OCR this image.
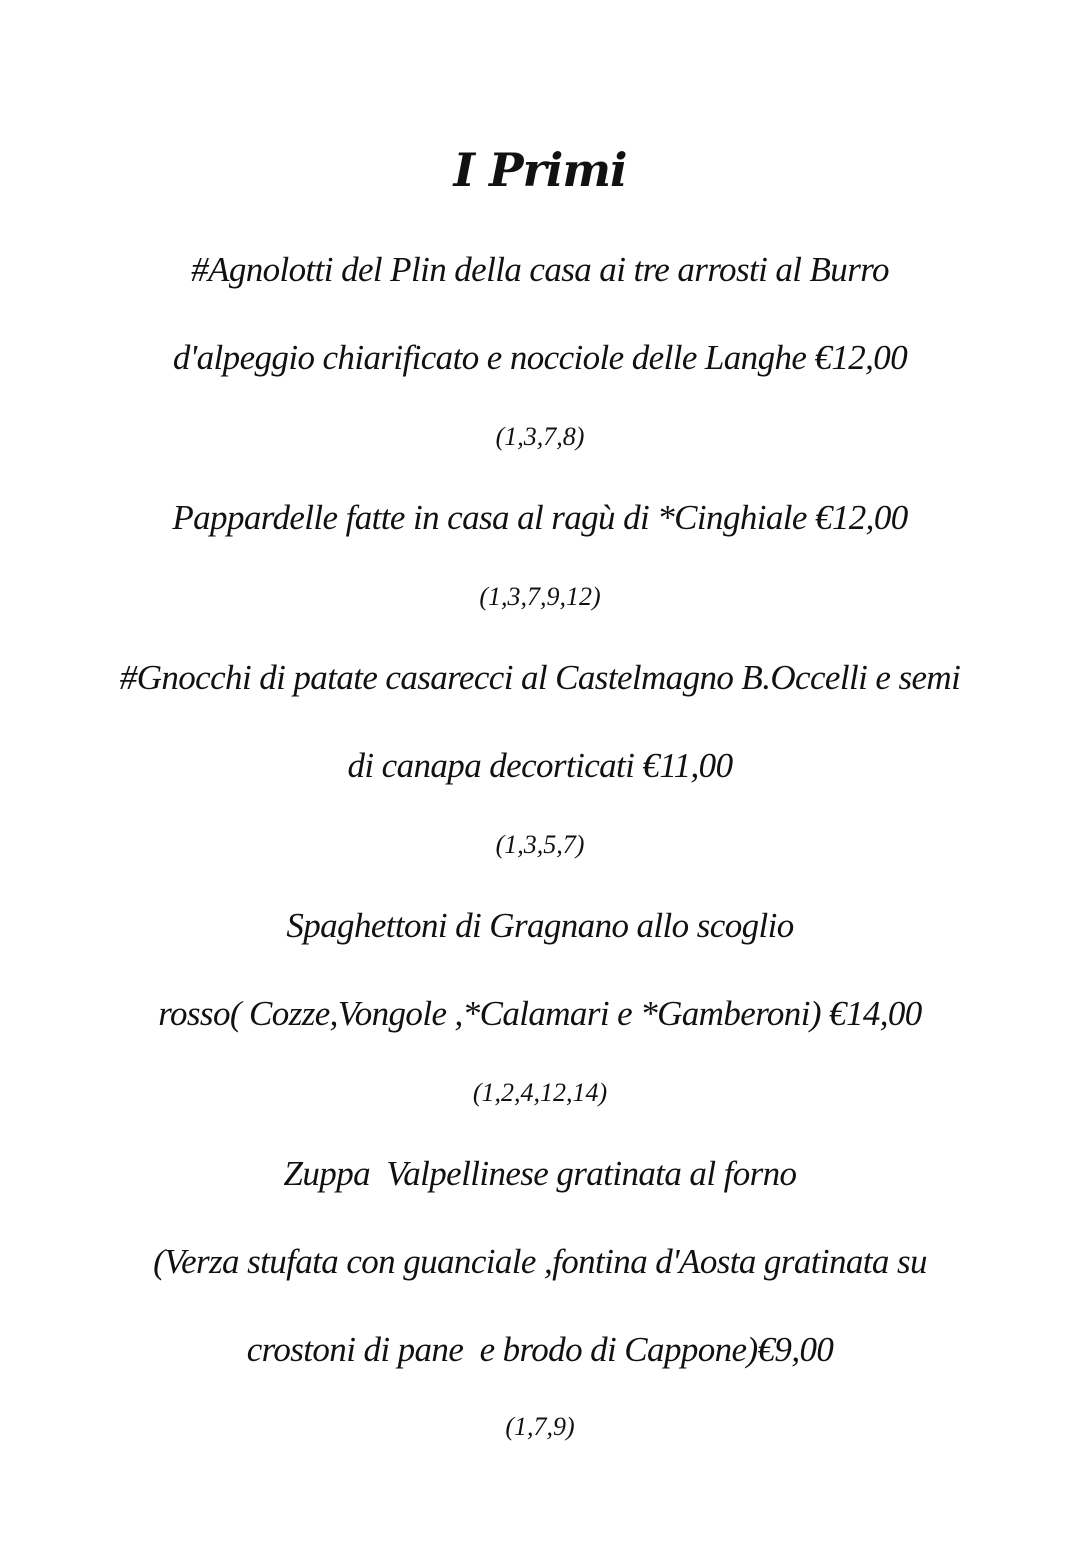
I Primi
#Agnolotti del Plin della casa ai tre arrosti al Burro
d'alpeggio chiarificato e nocciole delle Langhe €12,00
(1,3,7,8)
Pappardelle fatte in casa al ragù di *Cinghiale €12,00
(1,3,7,9,12)
#Gnocchi di patate casarecci al Castelmagno B.Occelli e semi
di canapa decorticati €11,00
(1,3,5,7)
Spaghettoni di Gragnano allo scoglio
rosso( Cozze,Vongole ,*Calamari e *Gamberoni) €14,00
(1,2,4,12,14)
Zuppa  Valpellinese gratinata al forno
(Verza stufata con guanciale ,fontina d'Aosta gratinata su
crostoni di pane  e brodo di Cappone)€9,00
(1,7,9)
